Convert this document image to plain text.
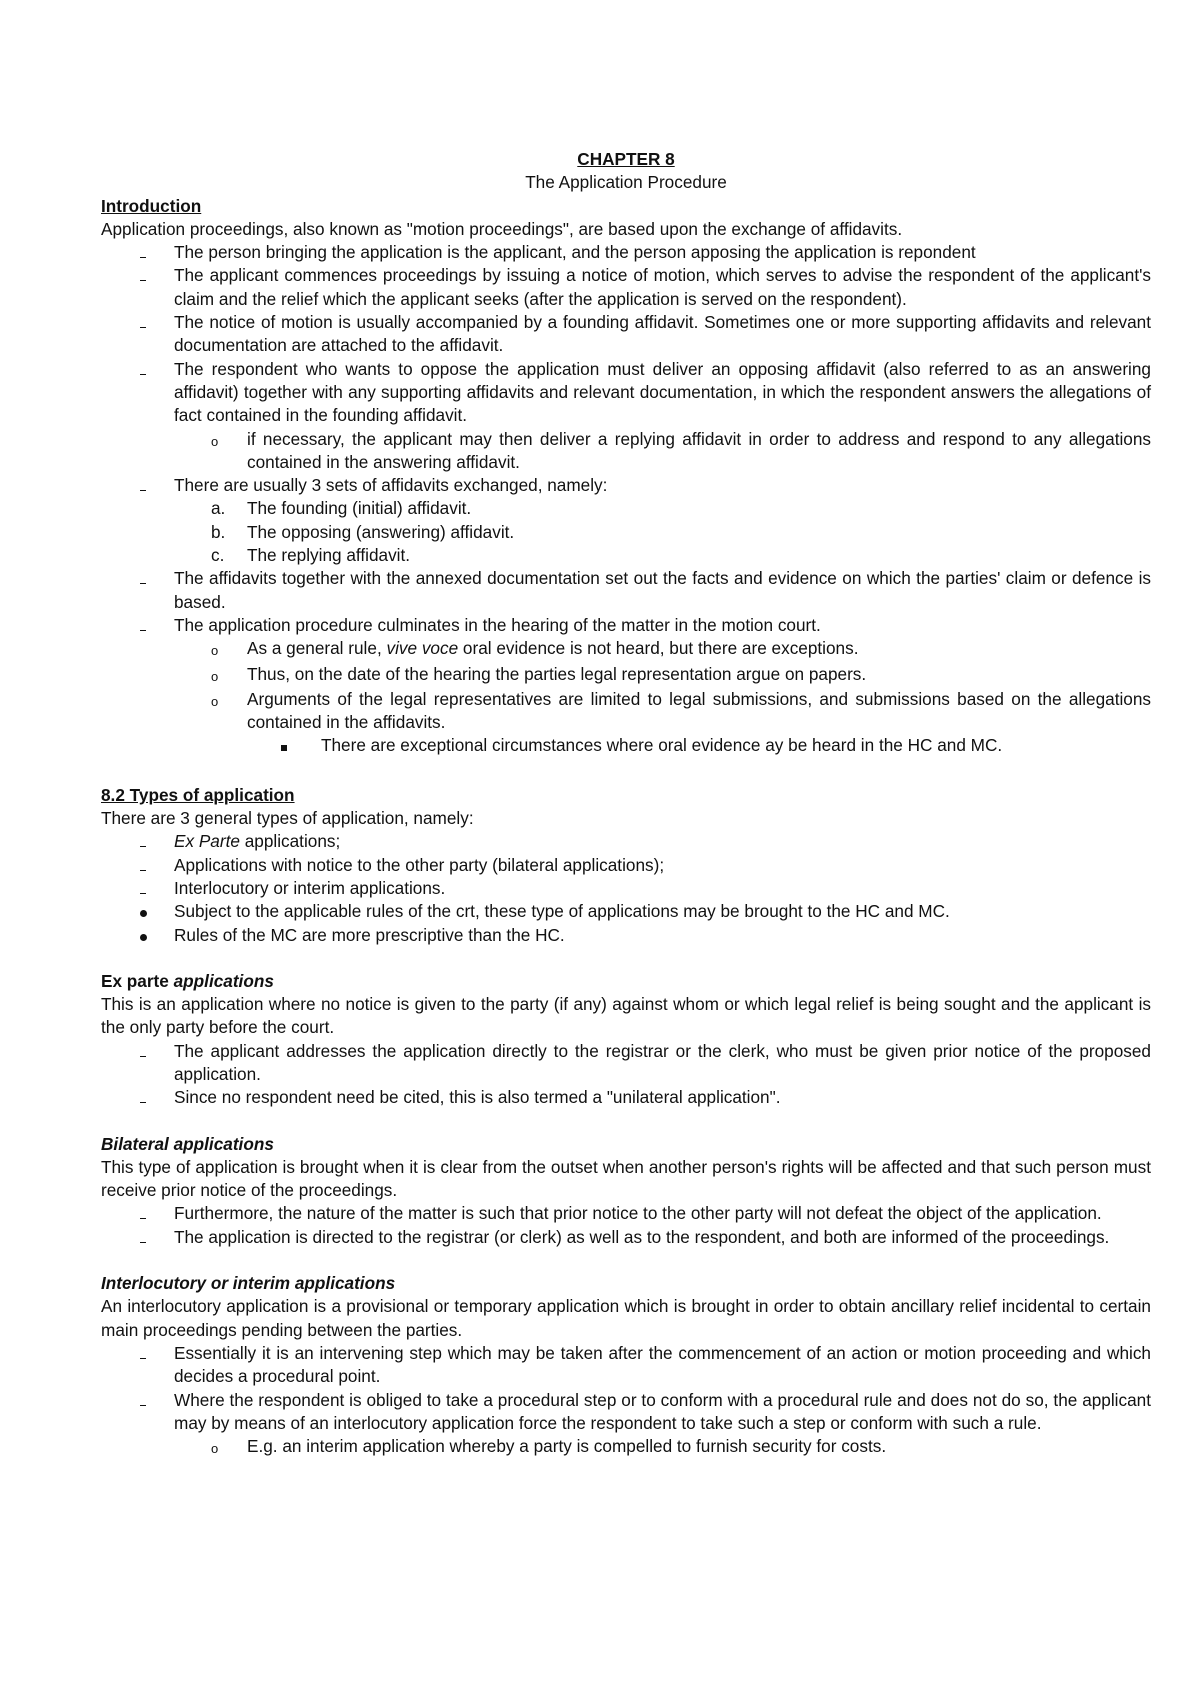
CHAPTER 8

The Application Procedure

Introduction

Application proceedings, also known as "motion proceedings", are based upon the exchange of affidavits.

The person bringing the application is the applicant, and the person apposing the application is repondent
The applicant commences proceedings by issuing a notice of motion, which serves to advise the respondent of the applicant's claim and the relief which the applicant seeks (after the application is served on the respondent).
The notice of motion is usually accompanied by a founding affidavit. Sometimes one or more supporting affidavits and relevant documentation are attached to the affidavit.
The respondent who wants to oppose the application must deliver an opposing affidavit (also referred to as an answering affidavit) together with any supporting affidavits and relevant documentation, in which the respondent answers the allegations of fact contained in the founding affidavit.
o	if necessary, the applicant may then deliver a replying affidavit in order to address and respond to any allegations contained in the answering affidavit.
There are usually 3 sets of affidavits exchanged, namely:
a.	The founding (initial) affidavit.
b.	The opposing (answering) affidavit.
c.	The replying affidavit.
The affidavits together with the annexed documentation set out the facts and evidence on which the parties' claim or defence is based.
The application procedure culminates in the hearing of the matter in the motion court.
o	As a general rule, vive voce oral evidence is not heard, but there are exceptions.
o	Thus, on the date of the hearing the parties legal representation argue on papers.
o	Arguments of the legal representatives are limited to legal submissions, and submissions based on the allegations contained in the affidavits.
There are exceptional circumstances where oral evidence ay be heard in the HC and MC.

8.2 Types of application

There are 3 general types of application, namely:

Ex Parte applications;
Applications with notice to the other party (bilateral applications);
Interlocutory or interim applications.
Subject to the applicable rules of the crt, these type of applications may be brought to the HC and MC.
Rules of the MC are more prescriptive than the HC.

Ex parte applications

This is an application where no notice is given to the party (if any) against whom or which legal relief is being sought and the applicant is the only party before the court.

The applicant addresses the application directly to the registrar or the clerk, who must be given prior notice of the proposed application.
Since no respondent need be cited, this is also termed a "unilateral application".

Bilateral applications

This type of application is brought when it is clear from the outset when another person's rights will be affected and that such person must receive prior notice of the proceedings.

Furthermore, the nature of the matter is such that prior notice to the other party will not defeat the object of the application.
The application is directed to the registrar (or clerk) as well as to the respondent, and both are informed of the proceedings.

Interlocutory or interim applications

An interlocutory application is a provisional or temporary application which is brought in order to obtain ancillary relief incidental to certain main proceedings pending between the parties.

Essentially it is an intervening step which may be taken after the commencement of an action or motion proceeding and which decides a procedural point.
Where the respondent is obliged to take a procedural step or to conform with a procedural rule and does not do so, the applicant may by means of an interlocutory application force the respondent to take such a step or conform with such a rule.
o	E.g. an interim application whereby a party is compelled to furnish security for costs.
